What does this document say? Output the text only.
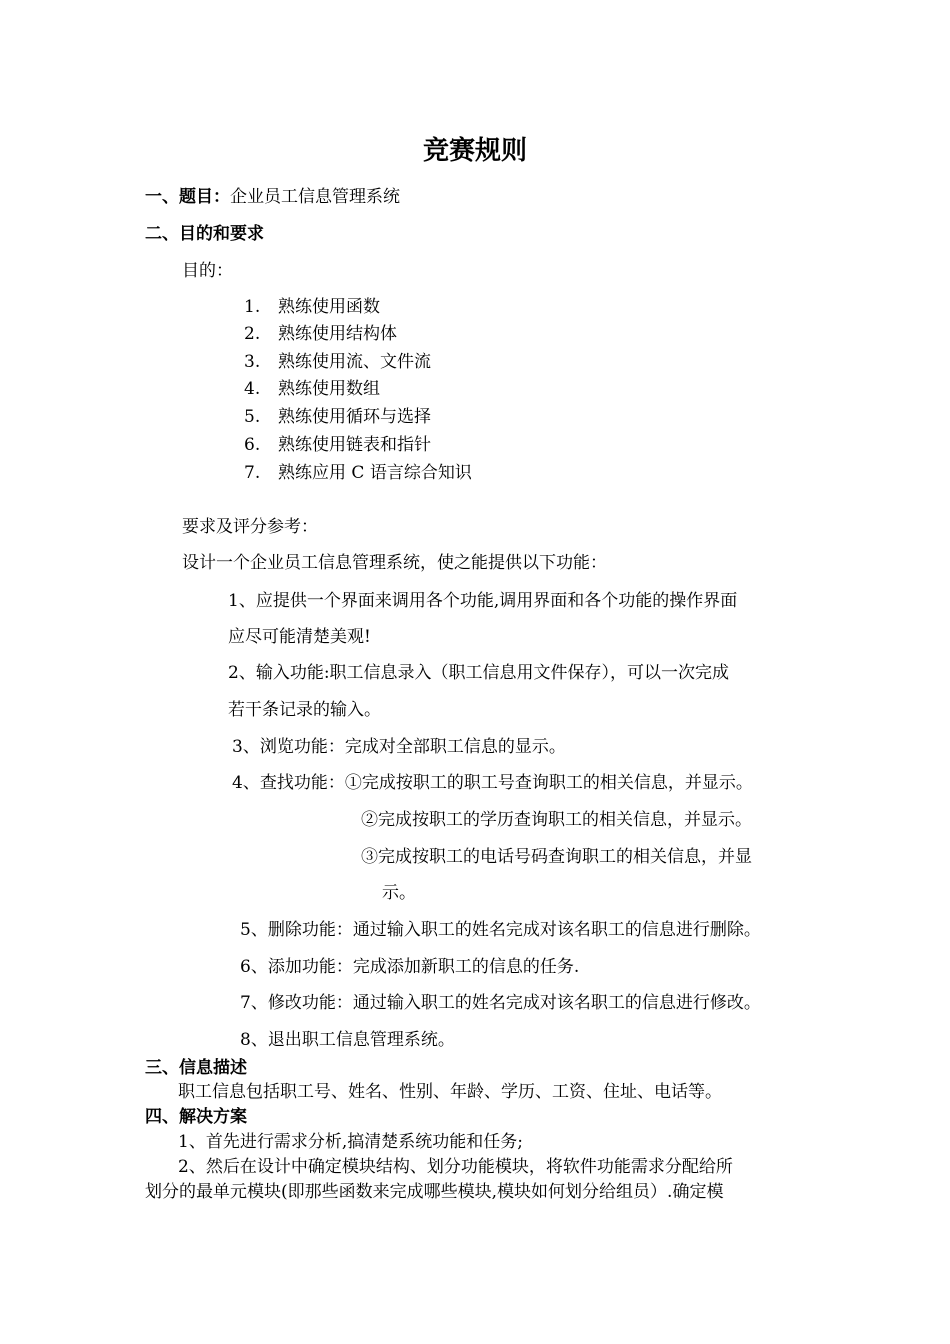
竞赛规则
一、题目：企业员工信息管理系统
二、目的和要求
目的：
1. 熟练使用函数
2. 熟练使用结构体
3. 熟练使用流、文件流
4. 熟练使用数组
5. 熟练使用循环与选择
6. 熟练使用链表和指针
7. 熟练应用 C 语言综合知识
要求及评分参考：
设计一个企业员工信息管理系统，使之能提供以下功能：
1、应提供一个界面来调用各个功能,调用界面和各个功能的操作界面
应尽可能清楚美观!
2、输入功能:职工信息录入（职工信息用文件保存），可以一次完成
若干条记录的输入。
3、浏览功能：完成对全部职工信息的显示。
4、查找功能：①完成按职工的职工号查询职工的相关信息，并显示。
②完成按职工的学历查询职工的相关信息，并显示。
③完成按职工的电话号码查询职工的相关信息，并显
示。
5、删除功能：通过输入职工的姓名完成对该名职工的信息进行删除。
6、添加功能：完成添加新职工的信息的任务.
7、修改功能：通过输入职工的姓名完成对该名职工的信息进行修改。
8、退出职工信息管理系统。
三、信息描述
职工信息包括职工号、姓名、性别、年龄、学历、工资、住址、电话等。
四、解决方案
1、首先进行需求分析,搞清楚系统功能和任务;
2、然后在设计中确定模块结构、划分功能模块，将软件功能需求分配给所
划分的最单元模块(即那些函数来完成哪些模块,模块如何划分给组员）.确定模
